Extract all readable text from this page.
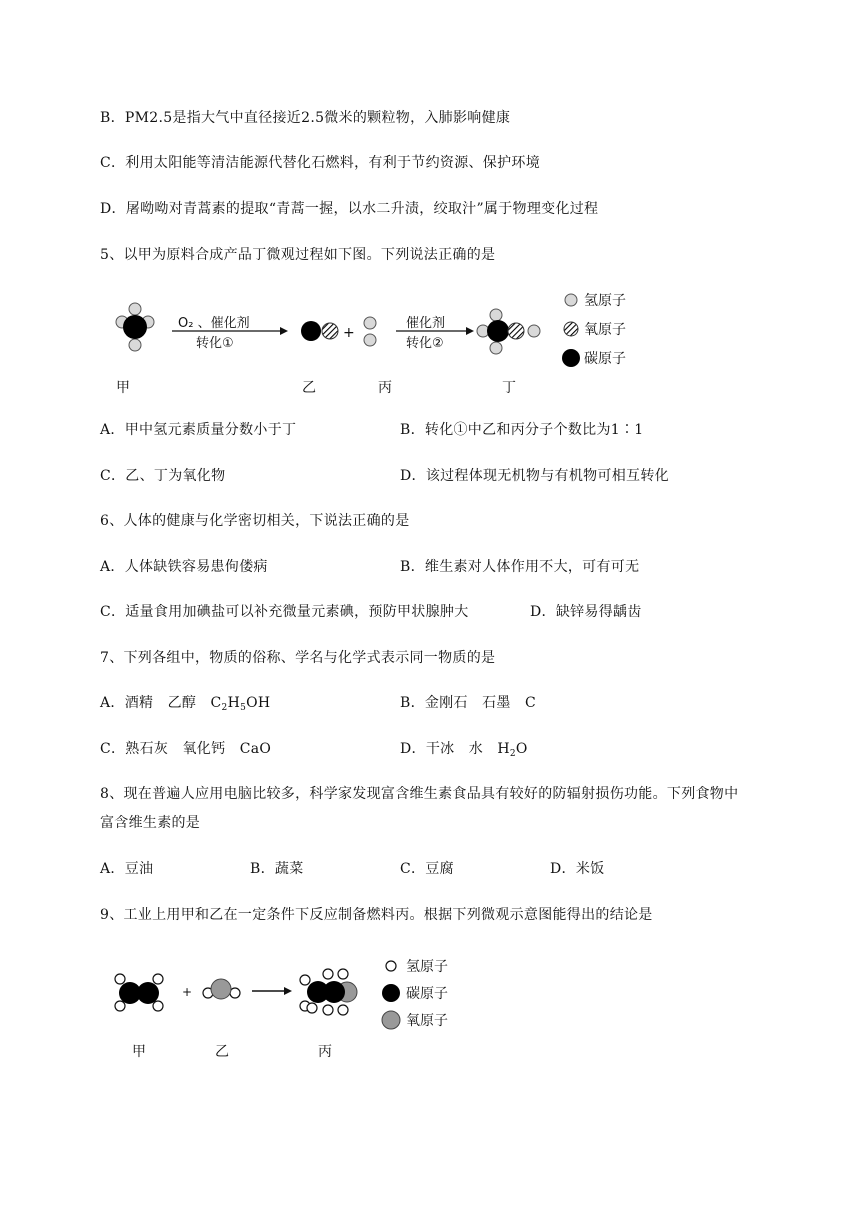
B．PM2.5是指大气中直径接近2.5微米的颗粒物，入肺影响健康
C．利用太阳能等清洁能源代替化石燃料，有利于节约资源、保护环境
D．屠呦呦对青蒿素的提取“青蒿一握，以水二升渍，绞取汁”属于物理变化过程
5、以甲为原料合成产品丁微观过程如下图。下列说法正确的是
O₂ 、催化剂
转化①
+
催化剂
转化②
氢原子
氧原子
碳原子
甲	乙	丙	丁
A．甲中氢元素质量分数小于丁	B．转化①中乙和丙分子个数比为1∶1
C．乙、丁为氧化物	D．该过程体现无机物与有机物可相互转化
6、人体的健康与化学密切相关，下说法正确的是
A．人体缺铁容易患佝偻病	B．维生素对人体作用不大，可有可无
C．适量食用加碘盐可以补充微量元素碘，预防甲状腺肿大	D．缺锌易得龋齿
7、下列各组中，物质的俗称、学名与化学式表示同一物质的是
A．酒精　乙醇　$C_2H_5OH$	B．金刚石　石墨　C
C．熟石灰　氧化钙　CaO	D．干冰　水　$H_2O$
8、现在普遍人应用电脑比较多，科学家发现富含维生素食品具有较好的防辐射损伤功能。下列食物中
富含维生素的是
A．豆油	B．蔬菜	C．豆腐	D．米饭
9、工业上用甲和乙在一定条件下反应制备燃料丙。根据下列微观示意图能得出的结论是
+
氢原子
碳原子
氧原子
甲	乙	丙
